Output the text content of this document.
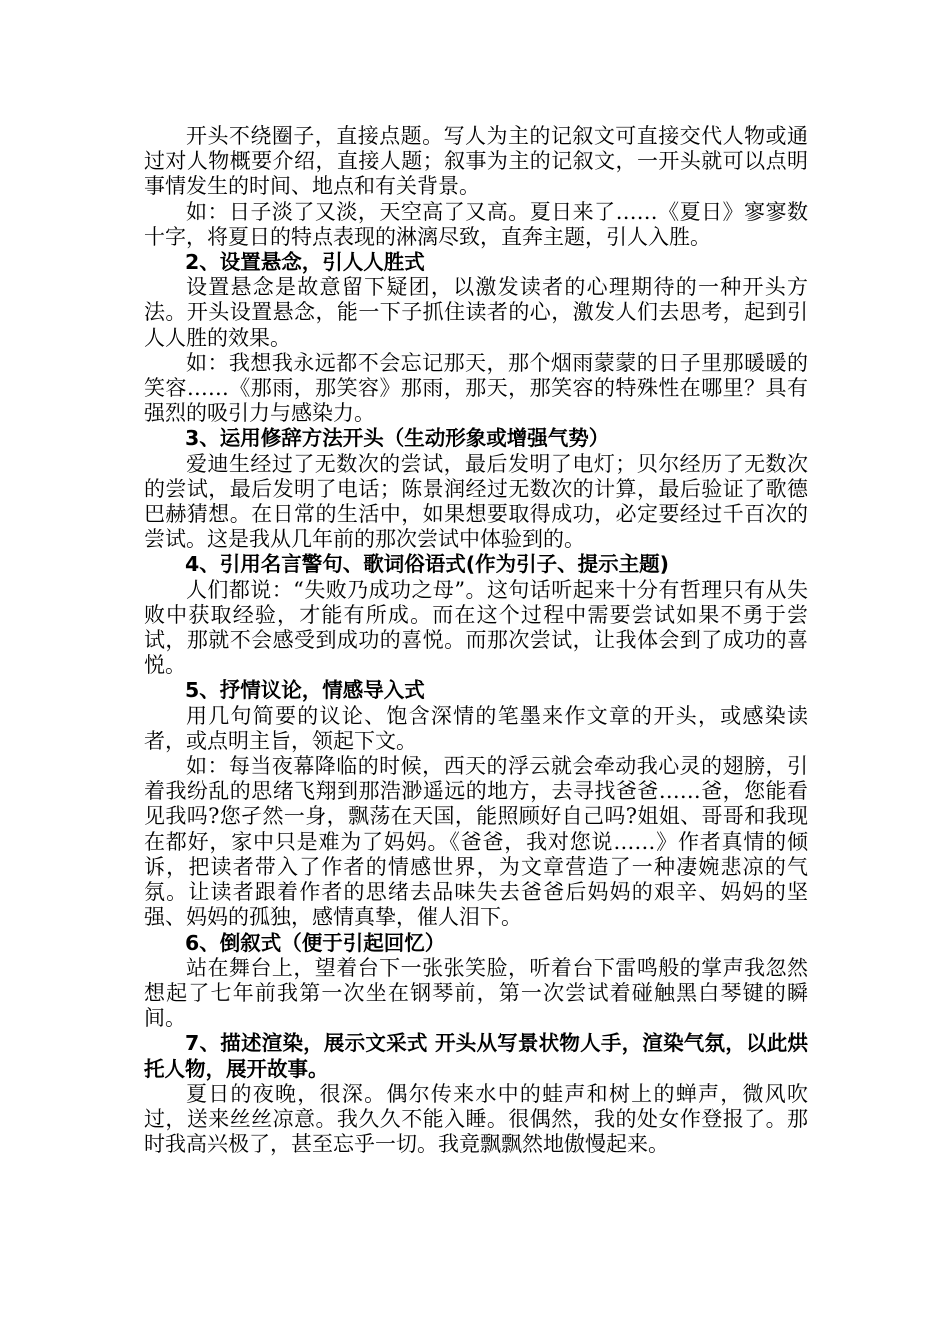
开头不绕圈子，直接点题。写人为主的记叙文可直接交代人物或通过对人物概要介绍，直接人题；叙事为主的记叙文，一开头就可以点明事情发生的时间、地点和有关背景。

如：日子淡了又淡，天空高了又高。夏日来了……《夏日》寥寥数十字，将夏日的特点表现的淋漓尽致，直奔主题，引人入胜。

2、设置悬念，引人人胜式

设置悬念是故意留下疑团，以激发读者的心理期待的一种开头方法。开头设置悬念，能一下子抓住读者的心，激发人们去思考，起到引人人胜的效果。

如：我想我永远都不会忘记那天，那个烟雨蒙蒙的日子里那暖暖的笑容……《那雨，那笑容》那雨，那天，那笑容的特殊性在哪里？具有强烈的吸引力与感染力。

3、运用修辞方法开头（生动形象或增强气势）

爱迪生经过了无数次的尝试，最后发明了电灯；贝尔经历了无数次的尝试，最后发明了电话；陈景润经过无数次的计算，最后验证了歌德巴赫猜想。在日常的生活中，如果想要取得成功，必定要经过千百次的尝试。这是我从几年前的那次尝试中体验到的。

4、引用名言警句、歌词俗语式(作为引子、提示主题)

人们都说：“失败乃成功之母”。这句话听起来十分有哲理只有从失败中获取经验，才能有所成。而在这个过程中需要尝试如果不勇于尝试，那就不会感受到成功的喜悦。而那次尝试，让我体会到了成功的喜悦。

5、抒情议论，情感导入式

用几句简要的议论、饱含深情的笔墨来作文章的开头，或感染读者，或点明主旨，领起下文。

如：每当夜幕降临的时候，西天的浮云就会牵动我心灵的翅膀，引着我纷乱的思绪飞翔到那浩渺遥远的地方，去寻找爸爸……爸，您能看见我吗?您孑然一身，飘荡在天国，能照顾好自己吗?姐姐、哥哥和我现在都好，家中只是难为了妈妈。《爸爸，我对您说……》作者真情的倾诉，把读者带入了作者的情感世界，为文章营造了一种凄婉悲凉的气氛。让读者跟着作者的思绪去品味失去爸爸后妈妈的艰辛、妈妈的坚强、妈妈的孤独，感情真挚，催人泪下。

6、倒叙式（便于引起回忆）

站在舞台上，望着台下一张张笑脸，听着台下雷鸣般的掌声我忽然想起了七年前我第一次坐在钢琴前，第一次尝试着碰触黑白琴键的瞬间。

7、描述渲染，展示文采式 开头从写景状物人手，渲染气氛，以此烘托人物，展开故事。

夏日的夜晚，很深。偶尔传来水中的蛙声和树上的蝉声，微风吹过，送来丝丝凉意。我久久不能入睡。很偶然，我的处女作登报了。那时我高兴极了，甚至忘乎一切。我竟飘飘然地傲慢起来。
